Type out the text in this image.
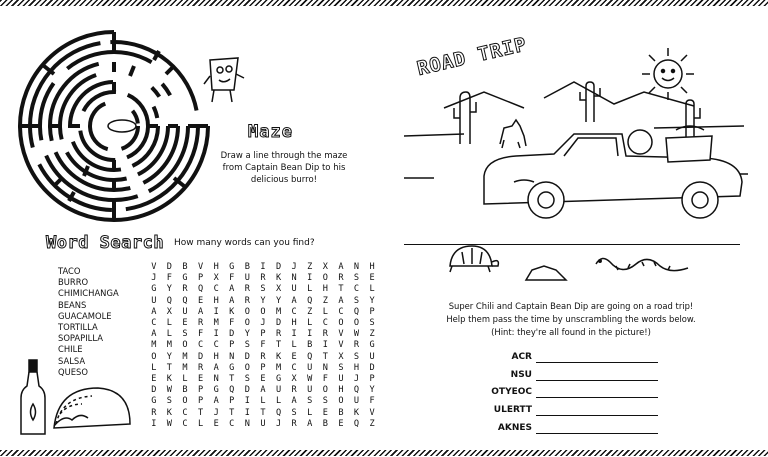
Maze
Draw a line through the maze from Captain Bean Dip to his delicious burro!
Word Search How many words can you find?
TACO
BURRO
CHIMICHANGA
BEANS
GUACAMOLE
TORTILLA
SOPAPILLA
CHILE
SALSA
QUESO
V	D	B	V	H	G	B	I	D	J	Z	X	A	N	H
J	F	G	P	X	F	U	R	K	N	I	O	R	S	E
G	Y	R	Q	C	A	R	S	X	U	L	H	T	C	L
U	Q	Q	E	H	A	R	Y	Y	A	Q	Z	A	S	Y
A	X	U	A	I	K	O	O	M	C	Z	L	C	Q	P
C	L	E	R	M	F	O	J	D	H	L	C	O	O	S
A	L	S	F	I	D	Y	P	R	I	I	R	V	W	Z
M	M	O	C	C	P	S	F	T	L	B	I	V	R	G
O	Y	M	D	H	N	D	R	K	E	Q	T	X	S	U
L	T	M	R	A	G	O	P	M	C	U	N	S	H	D
E	K	L	E	N	T	S	E	G	X	W	F	U	J	P
D	W	B	P	G	Q	D	A	U	R	U	O	H	Q	Y
G	S	O	P	A	P	I	L	L	A	S	S	O	U	F
R	K	C	T	J	T	I	T	Q	S	L	E	B	K	V
I	W	C	L	E	C	N	U	J	R	A	B	E	Q	Z
ROAD TRIP
Super Chili and Captain Bean Dip are going on a road trip!
Help them pass the time by unscrambling the words below.
(Hint: they're all found in the picture!)
ACR
NSU
OTYEOC
ULERTT
AKNES
